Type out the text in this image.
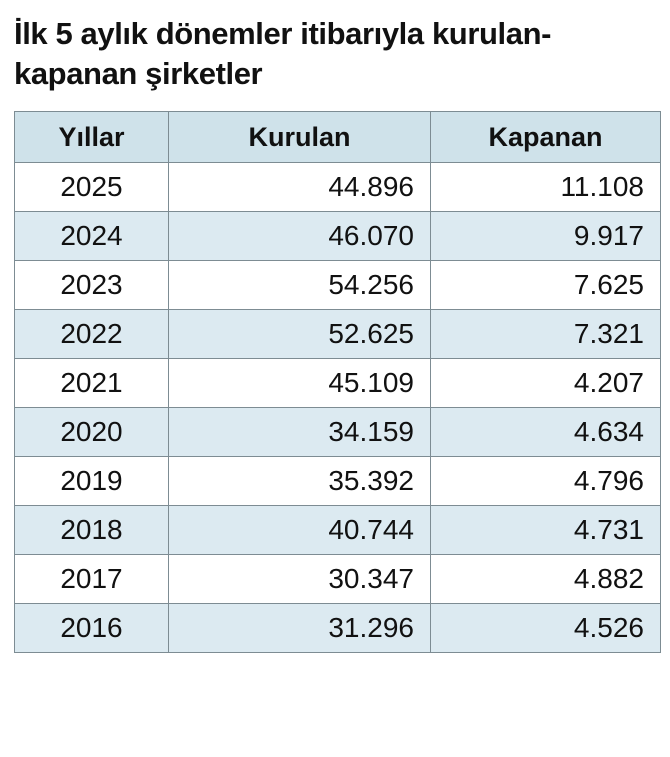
İlk 5 aylık dönemler itibarıyla kurulan-kapanan şirketler
Yıllar	Kurulan	Kapanan
2025	44.896	11.108
2024	46.070	9.917
2023	54.256	7.625
2022	52.625	7.321
2021	45.109	4.207
2020	34.159	4.634
2019	35.392	4.796
2018	40.744	4.731
2017	30.347	4.882
2016	31.296	4.526
